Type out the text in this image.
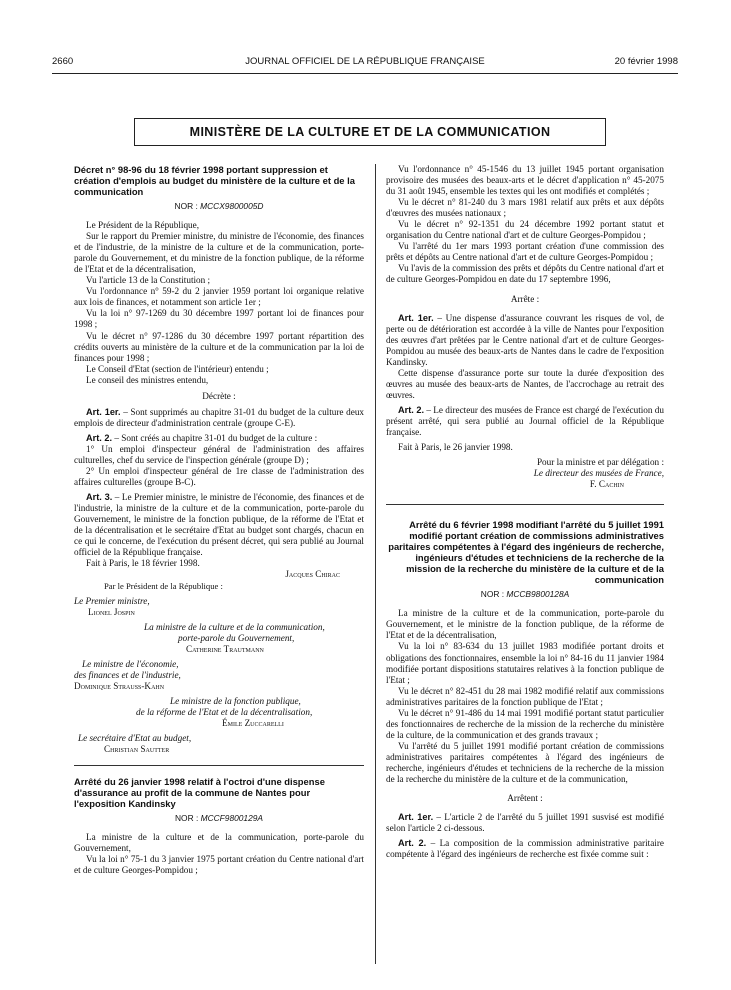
2660	JOURNAL OFFICIEL DE LA RÉPUBLIQUE FRANÇAISE	20 février 1998
MINISTÈRE DE LA CULTURE ET DE LA COMMUNICATION
Décret n° 98-96 du 18 février 1998 portant suppression et création d'emplois au budget du ministère de la culture et de la communication
NOR : MCCX9800005D

Le Président de la République,

Sur le rapport du Premier ministre, du ministre de l'économie, des finances et de l'industrie, de la ministre de la culture et de la communication, porte-parole du Gouvernement, et du ministre de la fonction publique, de la réforme de l'Etat et de la décentralisation,

Vu l'article 13 de la Constitution ;

Vu l'ordonnance n° 59-2 du 2 janvier 1959 portant loi organique relative aux lois de finances, et notamment son article 1er ;

Vu la loi n° 97-1269 du 30 décembre 1997 portant loi de finances pour 1998 ;

Vu le décret n° 97-1286 du 30 décembre 1997 portant répartition des crédits ouverts au ministère de la culture et de la communication par la loi de finances pour 1998 ;

Le Conseil d'Etat (section de l'intérieur) entendu ;

Le conseil des ministres entendu,

Décrète :

Art. 1er. – Sont supprimés au chapitre 31-01 du budget de la culture deux emplois de directeur d'administration centrale (groupe C-E).

Art. 2. – Sont créés au chapitre 31-01 du budget de la culture :

1° Un emploi d'inspecteur général de l'administration des affaires culturelles, chef du service de l'inspection générale (groupe D) ;

2° Un emploi d'inspecteur général de 1re classe de l'administration des affaires culturelles (groupe B-C).

Art. 3. – Le Premier ministre, le ministre de l'économie, des finances et de l'industrie, la ministre de la culture et de la communication, porte-parole du Gouvernement, le ministre de la fonction publique, de la réforme de l'Etat et de la décentralisation et le secrétaire d'Etat au budget sont chargés, chacun en ce qui le concerne, de l'exécution du présent décret, qui sera publié au Journal officiel de la République française.

Fait à Paris, le 18 février 1998.

Jacques Chirac

Par le Président de la République :

Le Premier ministre,

Lionel Jospin

La ministre de la culture et de la communication,

porte-parole du Gouvernement,

Catherine Trautmann

Le ministre de l'économie,

des finances et de l'industrie,

Dominique Strauss-Kahn

Le ministre de la fonction publique,

de la réforme de l'Etat et de la décentralisation,

Émile Zuccarelli

Le secrétaire d'Etat au budget,

Christian Sautter

Arrêté du 26 janvier 1998 relatif à l'octroi d'une dispense d'assurance au profit de la commune de Nantes pour l'exposition Kandinsky
NOR : MCCF9800129A

La ministre de la culture et de la communication, porte-parole du Gouvernement,

Vu la loi n° 75-1 du 3 janvier 1975 portant création du Centre national d'art et de culture Georges-Pompidou ;

Vu l'ordonnance n° 45-1546 du 13 juillet 1945 portant organisation provisoire des musées des beaux-arts et le décret d'application n° 45-2075 du 31 août 1945, ensemble les textes qui les ont modifiés et complétés ;

Vu le décret n° 81-240 du 3 mars 1981 relatif aux prêts et aux dépôts d'œuvres des musées nationaux ;

Vu le décret n° 92-1351 du 24 décembre 1992 portant statut et organisation du Centre national d'art et de culture Georges-Pompidou ;

Vu l'arrêté du 1er mars 1993 portant création d'une commission des prêts et dépôts au Centre national d'art et de culture Georges-Pompidou ;

Vu l'avis de la commission des prêts et dépôts du Centre national d'art et de culture Georges-Pompidou en date du 17 septembre 1996,

Arrête :

Art. 1er. – Une dispense d'assurance couvrant les risques de vol, de perte ou de détérioration est accordée à la ville de Nantes pour l'exposition des œuvres d'art prêtées par le Centre national d'art et de culture Georges-Pompidou au musée des beaux-arts de Nantes dans le cadre de l'exposition Kandinsky.

Cette dispense d'assurance porte sur toute la durée d'exposition des œuvres au musée des beaux-arts de Nantes, de l'accrochage au retrait des œuvres.

Art. 2. – Le directeur des musées de France est chargé de l'exécution du présent arrêté, qui sera publié au Journal officiel de la République française.

Fait à Paris, le 26 janvier 1998.

Pour la ministre et par délégation :

Le directeur des musées de France,

F. Cachin

Arrêté du 6 février 1998 modifiant l'arrêté du 5 juillet 1991 modifié portant création de commissions administratives paritaires compétentes à l'égard des ingénieurs de recherche, ingénieurs d'études et techniciens de la recherche de la mission de la recherche du ministère de la culture et de la communication
NOR : MCCB9800128A

La ministre de la culture et de la communication, porte-parole du Gouvernement, et le ministre de la fonction publique, de la réforme de l'Etat et de la décentralisation,

Vu la loi n° 83-634 du 13 juillet 1983 modifiée portant droits et obligations des fonctionnaires, ensemble la loi n° 84-16 du 11 janvier 1984 modifiée portant dispositions statutaires relatives à la fonction publique de l'Etat ;

Vu le décret n° 82-451 du 28 mai 1982 modifié relatif aux commissions administratives paritaires de la fonction publique de l'Etat ;

Vu le décret n° 91-486 du 14 mai 1991 modifié portant statut particulier des fonctionnaires de recherche de la mission de la recherche du ministère de la culture, de la communication et des grands travaux ;

Vu l'arrêté du 5 juillet 1991 modifié portant création de commissions administratives paritaires compétentes à l'égard des ingénieurs de recherche, ingénieurs d'études et techniciens de la recherche de la mission de la recherche du ministère de la culture et de la communication,

Arrêtent :

Art. 1er. – L'article 2 de l'arrêté du 5 juillet 1991 susvisé est modifié selon l'article 2 ci-dessous.

Art. 2. – La composition de la commission administrative paritaire compétente à l'égard des ingénieurs de recherche est fixée comme suit :
